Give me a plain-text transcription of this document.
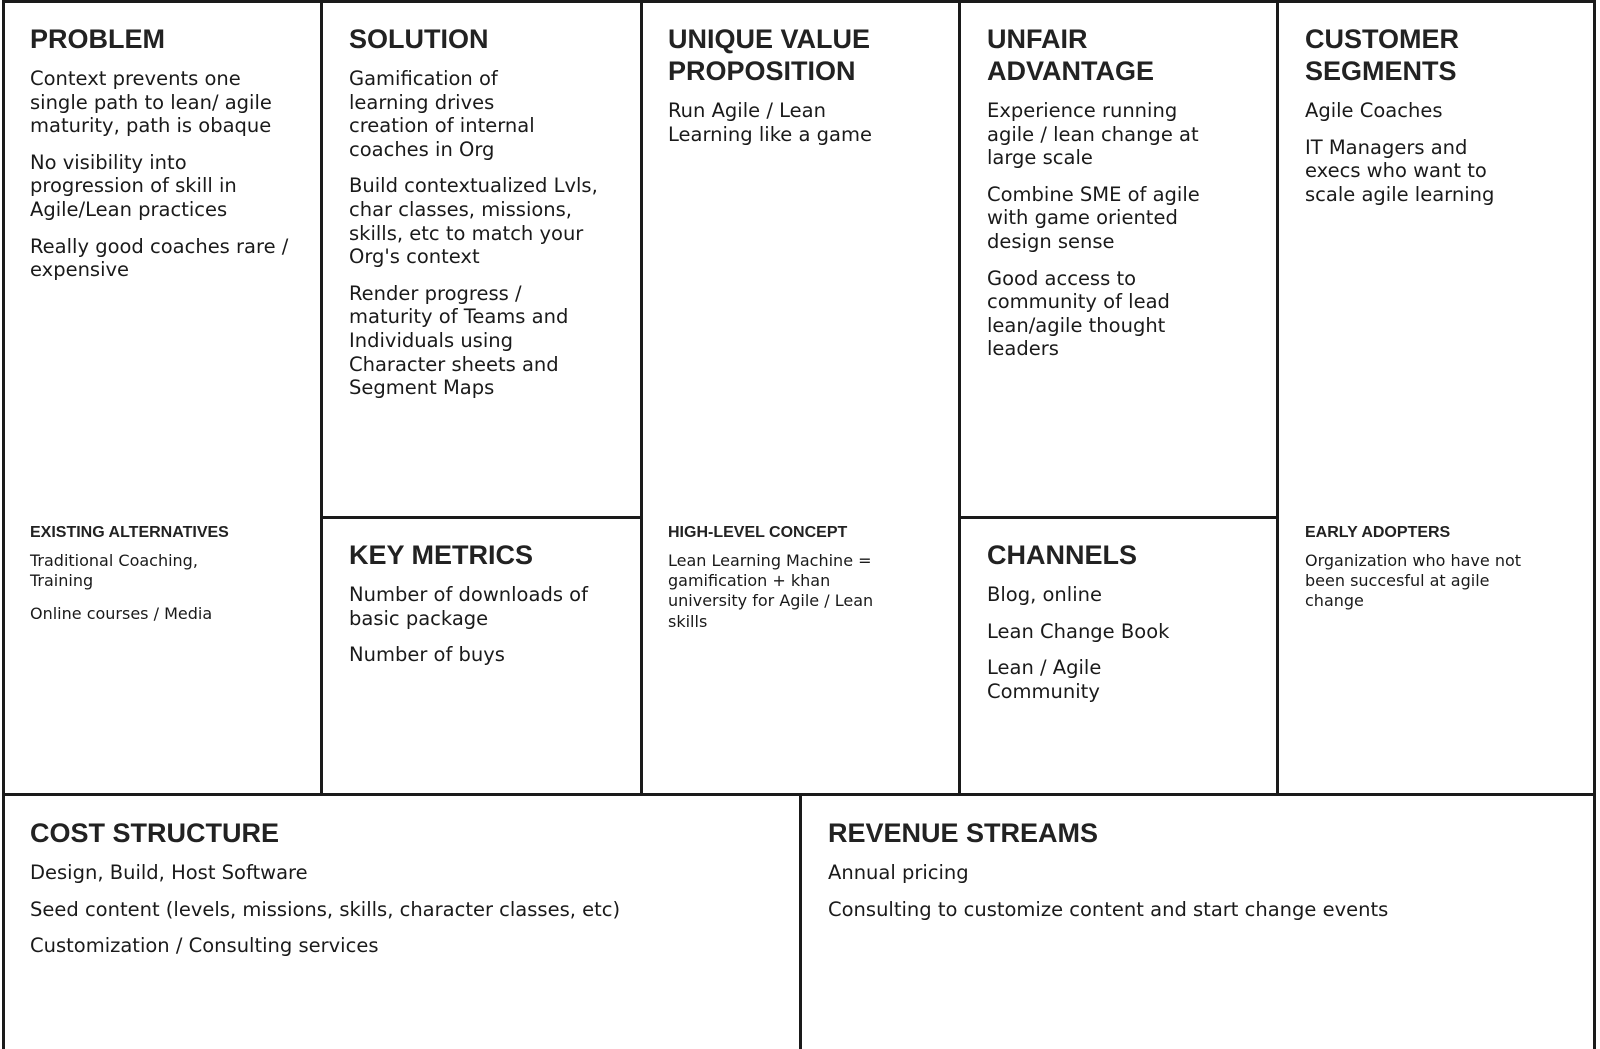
PROBLEM
Context prevents one single path to lean/ agile maturity, path is obaque
No visibility into progression of skill in Agile/Lean practices
Really good coaches rare / expensive
EXISTING ALTERNATIVES
Traditional Coaching, Training
Online courses / Media
SOLUTION
Gamification of learning drives creation of internal coaches in Org
Build contextualized Lvls, char classes, missions, skills, etc to match your Org's context
Render progress / maturity of Teams and Individuals using Character sheets and Segment Maps
KEY METRICS
Number of downloads of basic package
Number of buys
UNIQUE VALUE PROPOSITION
Run Agile / Lean Learning like a game
HIGH-LEVEL CONCEPT
Lean Learning Machine = gamification + khan university for Agile / Lean skills
UNFAIR ADVANTAGE
Experience running agile / lean change at large scale
Combine SME of agile with game oriented design sense
Good access to community of lead lean/agile thought leaders
CHANNELS
Blog, online
Lean Change Book
Lean / Agile Community
CUSTOMER SEGMENTS
Agile Coaches
IT Managers and execs who want to scale agile learning
EARLY ADOPTERS
Organization who have not been succesful at agile change
COST STRUCTURE
Design, Build, Host Software
Seed content (levels, missions, skills, character classes, etc)
Customization / Consulting services
REVENUE STREAMS
Annual pricing
Consulting to customize content and start change events
